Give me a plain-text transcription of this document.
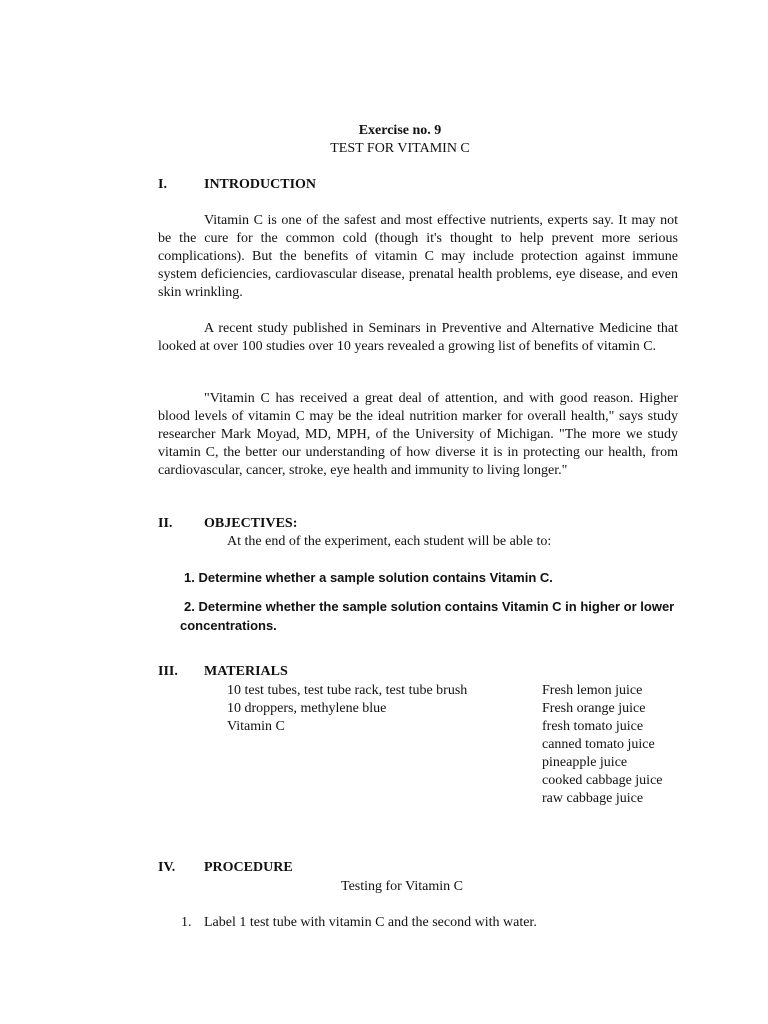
Exercise no. 9
TEST FOR VITAMIN C
I.	INTRODUCTION

Vitamin C is one of the safest and most effective nutrients, experts say. It may not be the cure for the common cold (though it's thought to help prevent more serious complications). But the benefits of vitamin C may include protection against immune system deficiencies, cardiovascular disease, prenatal health problems, eye disease, and even skin wrinkling.

A recent study published in Seminars in Preventive and Alternative Medicine that looked at over 100 studies over 10 years revealed a growing list of benefits of vitamin C.

"Vitamin C has received a great deal of attention, and with good reason. Higher blood levels of vitamin C may be the ideal nutrition marker for overall health," says study researcher Mark Moyad, MD, MPH, of the University of Michigan. "The more we study vitamin C, the better our understanding of how diverse it is in protecting our health, from cardiovascular, cancer, stroke, eye health and immunity to living longer."

II. OBJECTIVES:
At the end of the experiment, each student will be able to:
1. Determine whether a sample solution contains Vitamin C.
2. Determine whether the sample solution contains Vitamin C in higher or lower
concentrations.
III. MATERIALS
10 test tubes, test tube rack, test tube brush
10 droppers, methylene blue
Vitamin C
Fresh lemon juice
Fresh orange juice
fresh tomato juice
canned tomato juice
pineapple juice
cooked cabbage juice
raw cabbage juice
IV. PROCEDURE
Testing for Vitamin C
1. Label 1 test tube with vitamin C and the second with water.
